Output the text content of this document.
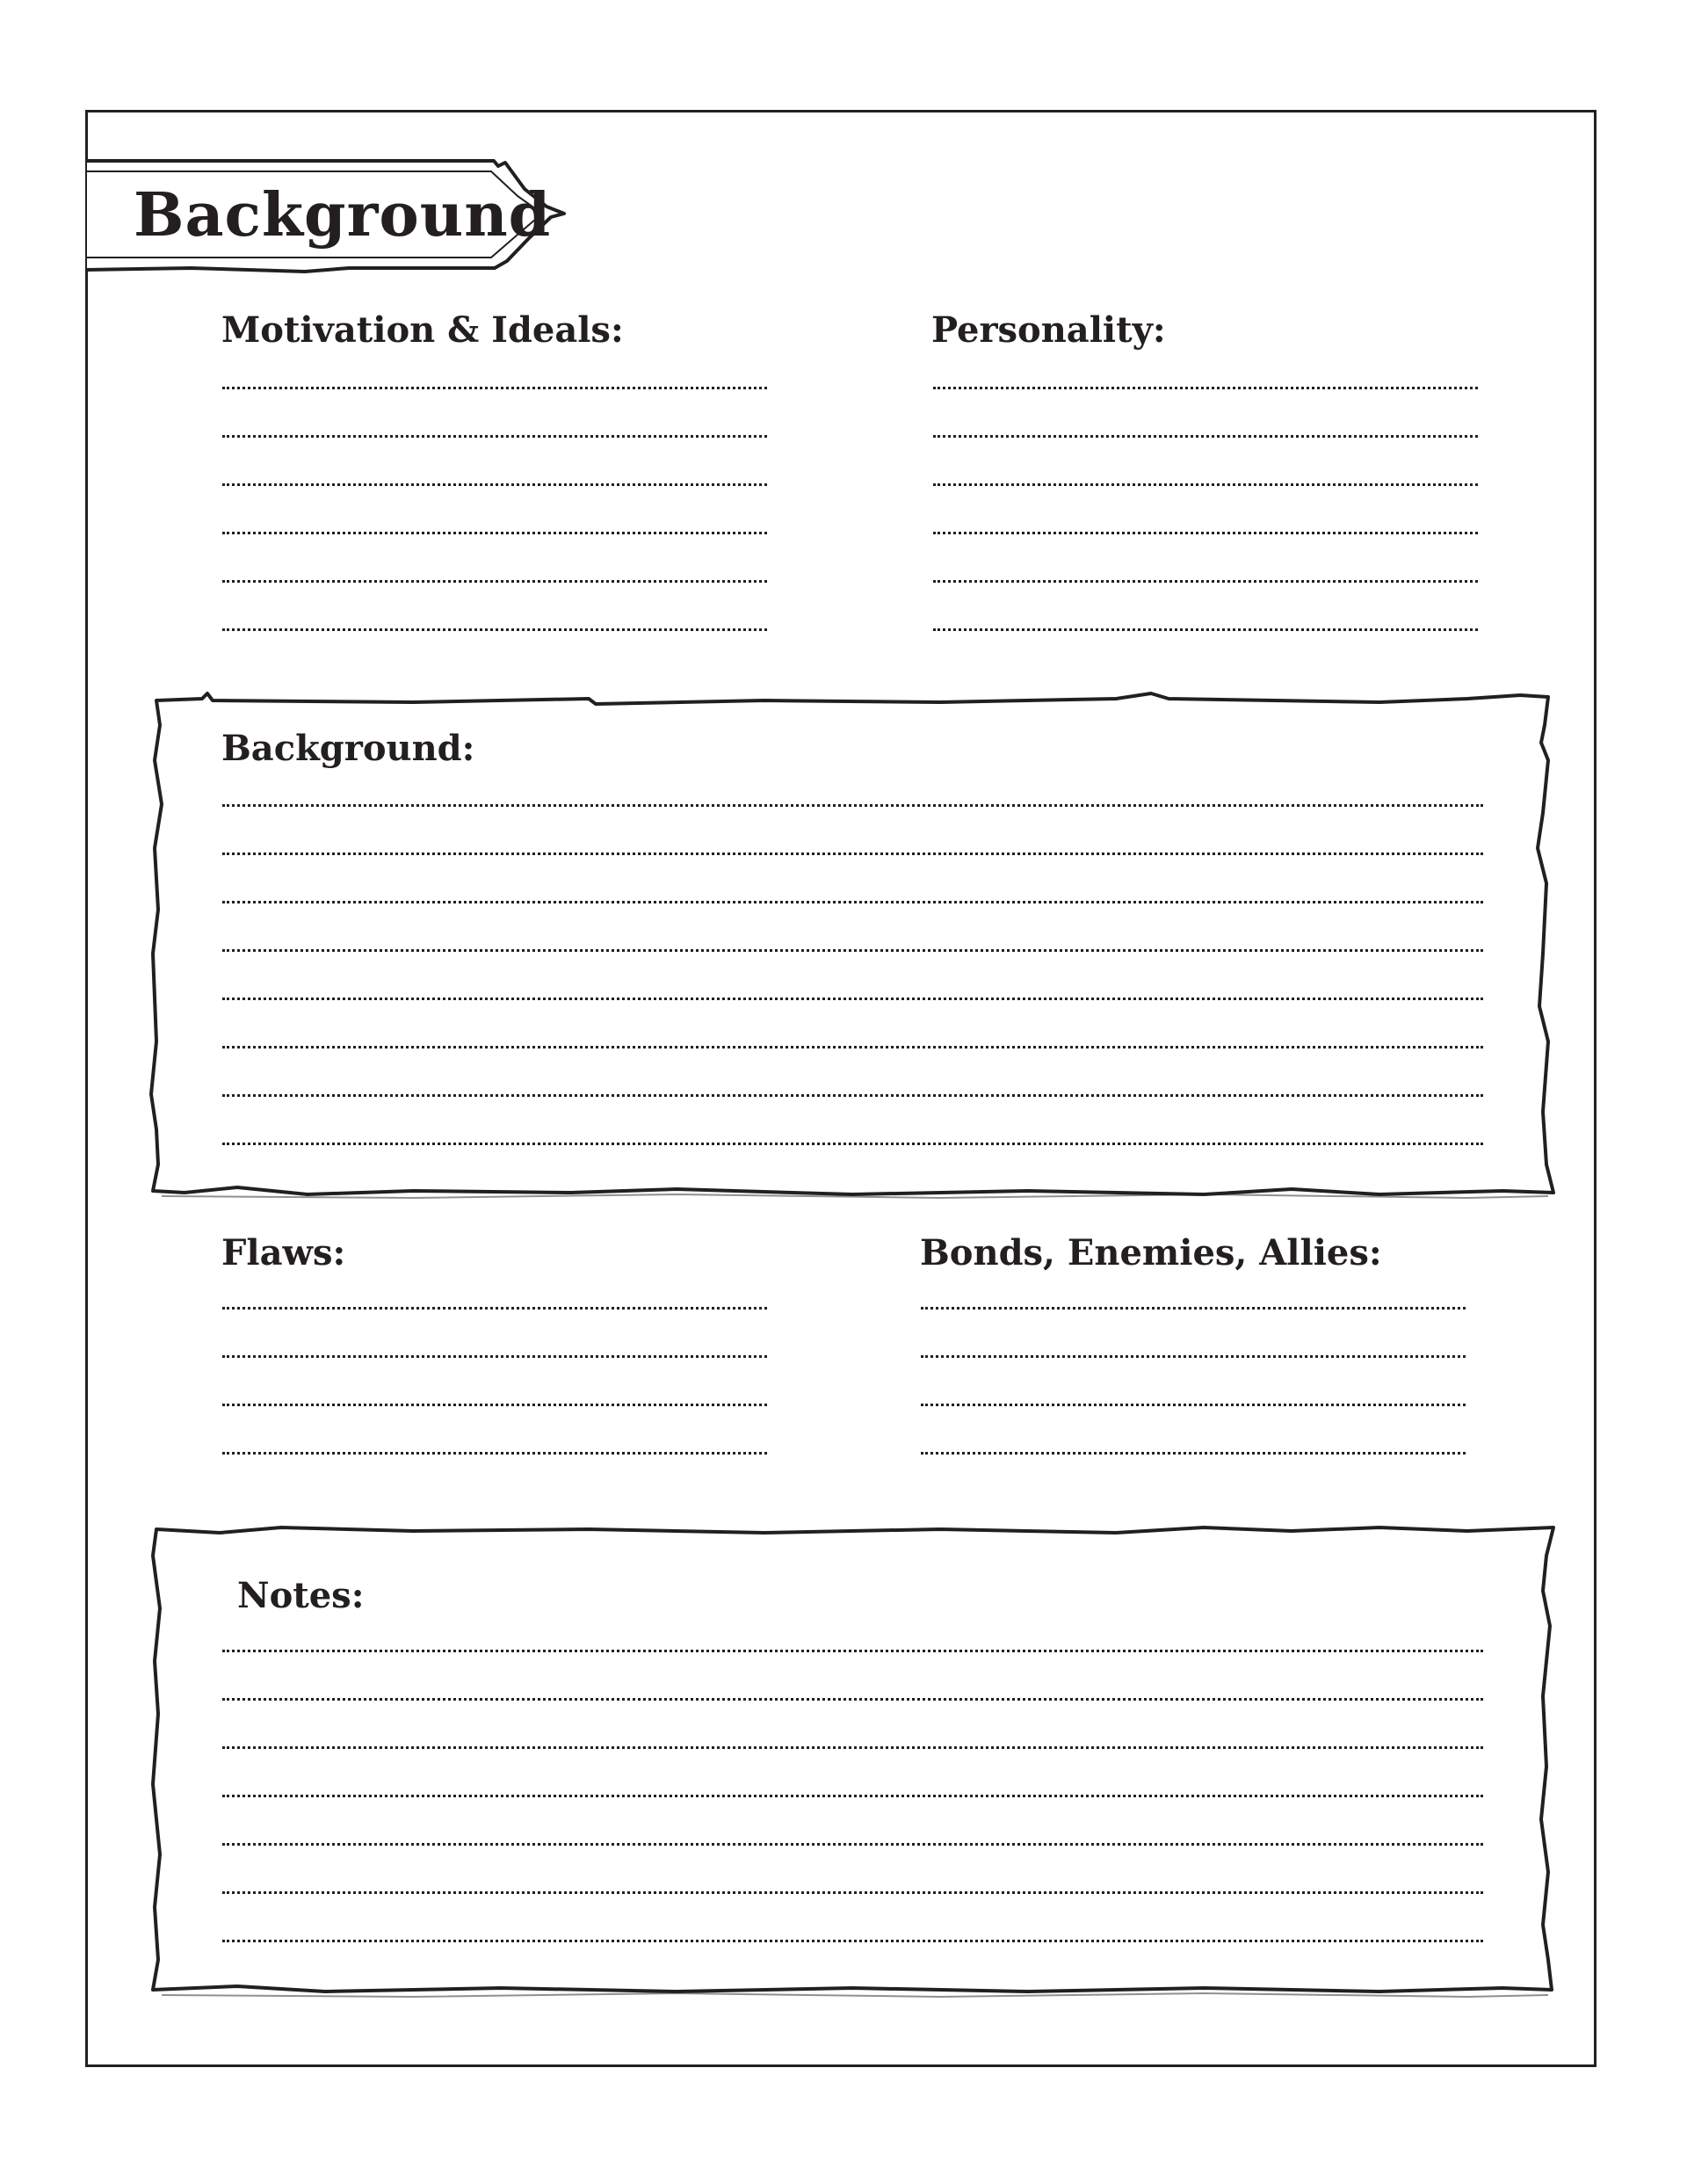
Background
Motivation & Ideals:	Personality:
Background:
Flaws:	Bonds, Enemies, Allies:
Notes:
